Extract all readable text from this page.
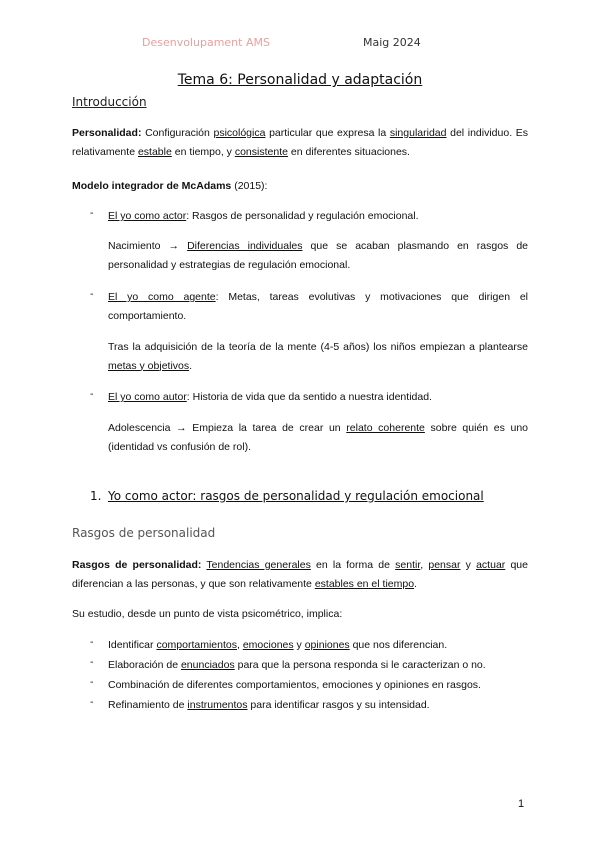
Desenvolupament AMS	Maig 2024
Tema 6: Personalidad y adaptación
Introducción
Personalidad: Configuración psicológica particular que expresa la singularidad del individuo. Es relativamente estable en tiempo, y consistente en diferentes situaciones.
Modelo integrador de McAdams (2015):
- El yo como actor: Rasgos de personalidad y regulación emocional.
Nacimiento → Diferencias individuales que se acaban plasmando en rasgos de personalidad y estrategias de regulación emocional.
- El yo como agente: Metas, tareas evolutivas y motivaciones que dirigen el comportamiento.
Tras la adquisición de la teoría de la mente (4-5 años) los niños empiezan a plantearse metas y objetivos.
- El yo como autor: Historia de vida que da sentido a nuestra identidad.
Adolescencia → Empieza la tarea de crear un relato coherente sobre quién es uno (identidad vs confusión de rol).
1. Yo como actor: rasgos de personalidad y regulación emocional
Rasgos de personalidad
Rasgos de personalidad: Tendencias generales en la forma de sentir, pensar y actuar que diferencian a las personas, y que son relativamente estables en el tiempo.
Su estudio, desde un punto de vista psicométrico, implica:
- Identificar comportamientos, emociones y opiniones que nos diferencian.
- Elaboración de enunciados para que la persona responda si le caracterizan o no.
- Combinación de diferentes comportamientos, emociones y opiniones en rasgos.
- Refinamiento de instrumentos para identificar rasgos y su intensidad.
1
